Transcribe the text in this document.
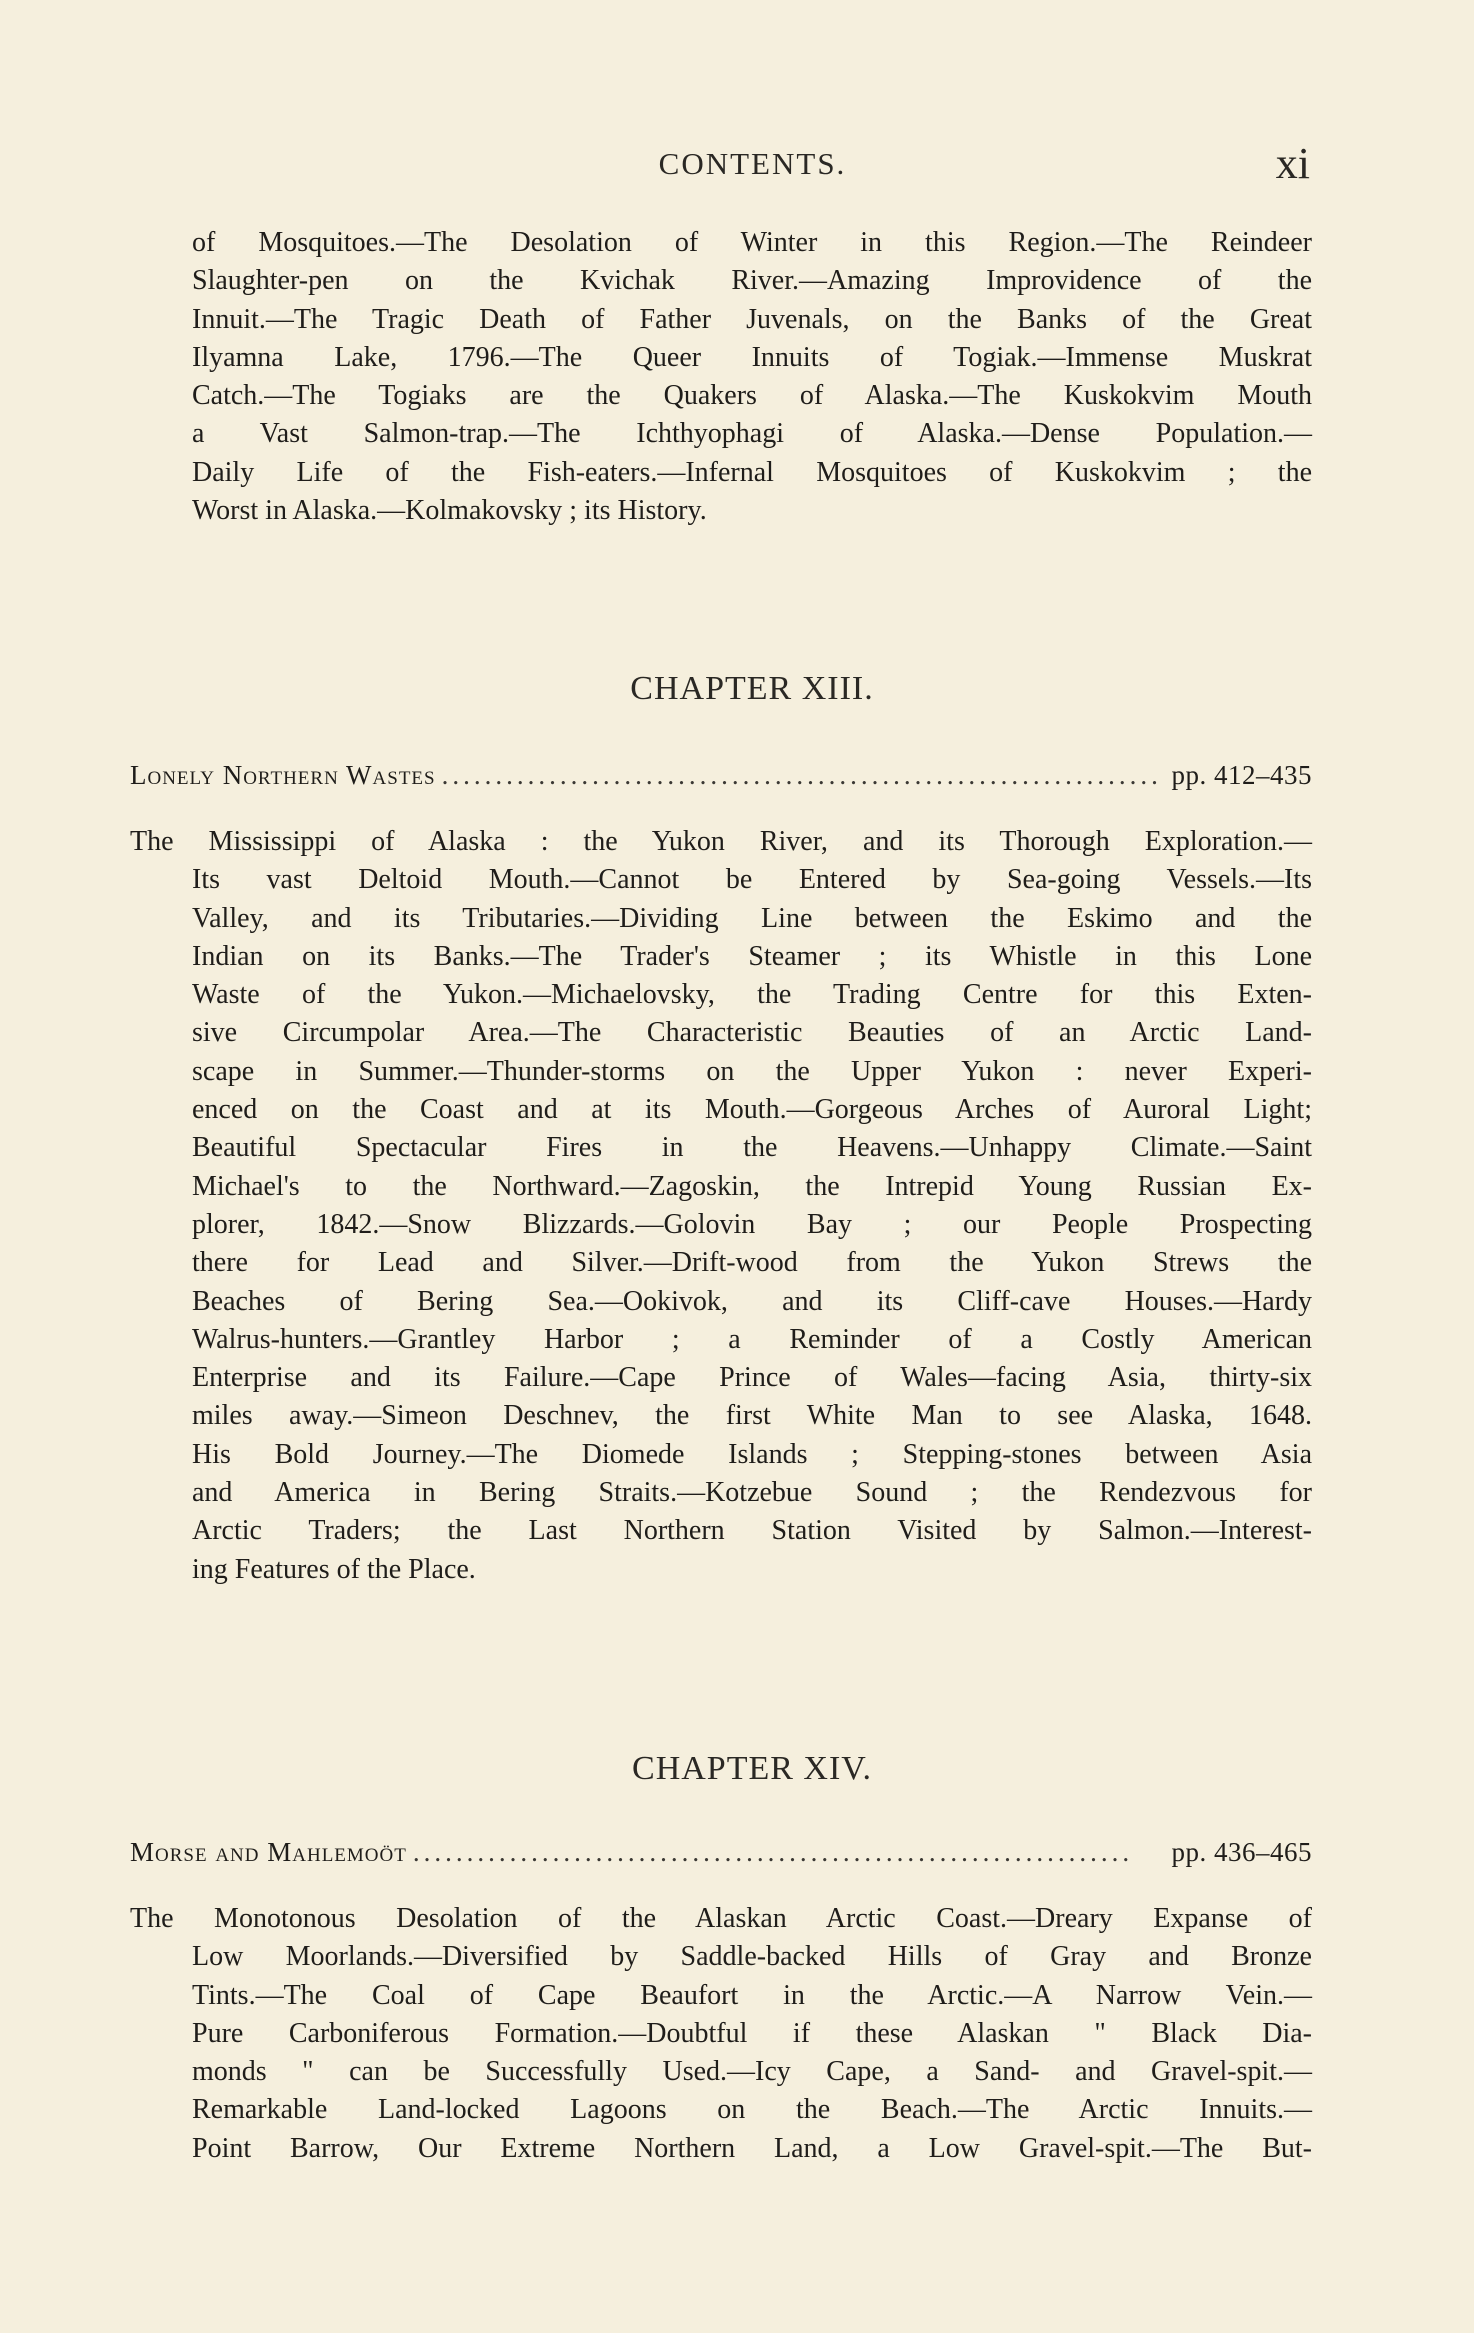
CONTENTS.	xi
of Mosquitoes.—The Desolation of Winter in this Region.—The Reindeer
Slaughter-pen on the Kvichak River.—Amazing Improvidence of the
Innuit.—The Tragic Death of Father Juvenals, on the Banks of the Great
Ilyamna Lake, 1796.—The Queer Innuits of Togiak.—Immense Muskrat
Catch.—The Togiaks are the Quakers of Alaska.—The Kuskokvim Mouth
a Vast Salmon-trap.—The Ichthyophagi of Alaska.—Dense Population.—
Daily Life of the Fish-eaters.—Infernal Mosquitoes of Kuskokvim ; the
Worst in Alaska.—Kolmakovsky ; its History.
CHAPTER XIII.
Lonely Northern Wastes ................................................................... pp. 412–435
The Mississippi of Alaska : the Yukon River, and its Thorough Exploration.—
Its vast Deltoid Mouth.—Cannot be Entered by Sea-going Vessels.—Its
Valley, and its Tributaries.—Dividing Line between the Eskimo and the
Indian on its Banks.—The Trader's Steamer ; its Whistle in this Lone
Waste of the Yukon.—Michaelovsky, the Trading Centre for this Exten-
sive Circumpolar Area.—The Characteristic Beauties of an Arctic Land-
scape in Summer.—Thunder-storms on the Upper Yukon : never Experi-
enced on the Coast and at its Mouth.—Gorgeous Arches of Auroral Light;
Beautiful Spectacular Fires in the Heavens.—Unhappy Climate.—Saint
Michael's to the Northward.—Zagoskin, the Intrepid Young Russian Ex-
plorer, 1842.—Snow Blizzards.—Golovin Bay ; our People Prospecting
there for Lead and Silver.—Drift-wood from the Yukon Strews the
Beaches of Bering Sea.—Ookivok, and its Cliff-cave Houses.—Hardy
Walrus-hunters.—Grantley Harbor ; a Reminder of a Costly American
Enterprise and its Failure.—Cape Prince of Wales—facing Asia, thirty-six
miles away.—Simeon Deschnev, the first White Man to see Alaska, 1648.
His Bold Journey.—The Diomede Islands ; Stepping-stones between Asia
and America in Bering Straits.—Kotzebue Sound ; the Rendezvous for
Arctic Traders; the Last Northern Station Visited by Salmon.—Interest-
ing Features of the Place.
CHAPTER XIV.
Morse and Mahlemoöt ...................................................................	pp. 436–465
The Monotonous Desolation of the Alaskan Arctic Coast.—Dreary Expanse of
Low Moorlands.—Diversified by Saddle-backed Hills of Gray and Bronze
Tints.—The Coal of Cape Beaufort in the Arctic.—A Narrow Vein.—
Pure Carboniferous Formation.—Doubtful if these Alaskan " Black Dia-
monds " can be Successfully Used.—Icy Cape, a Sand- and Gravel-spit.—
Remarkable Land-locked Lagoons on the Beach.—The Arctic Innuits.—
Point Barrow, Our Extreme Northern Land, a Low Gravel-spit.—The But-
